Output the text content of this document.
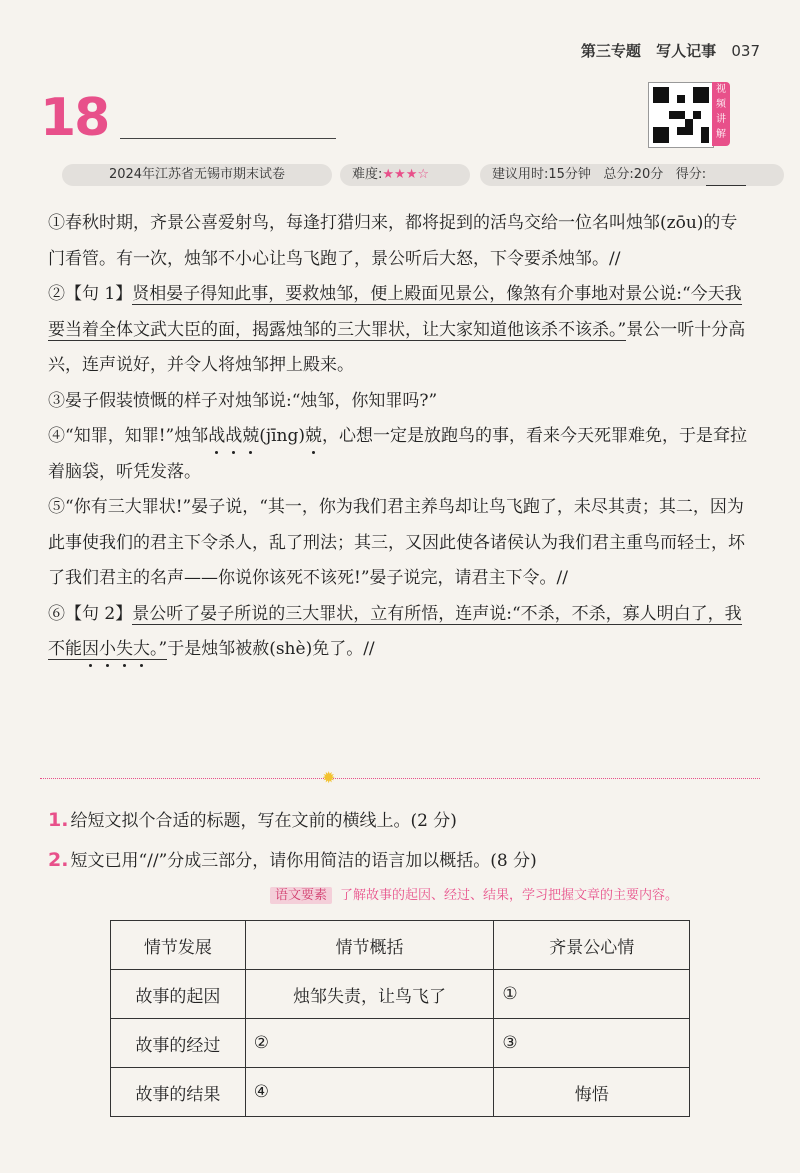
第三专题 写人记事 037
18	视频讲解
2024年江苏省无锡市期末试卷	难度:★★★☆	建议用时:15分钟 总分:20分 得分:

①春秋时期，齐景公喜爱射鸟，每逢打猎归来，都将捉到的活鸟交给一位名叫烛邹(zōu)的专门看管。有一次，烛邹不小心让鸟飞跑了，景公听后大怒，下令要杀烛邹。//

②【句 1】贤相晏子得知此事，要救烛邹，便上殿面见景公，像煞有介事地对景公说:“今天我要当着全体文武大臣的面，揭露烛邹的三大罪状，让大家知道他该杀不该杀。”景公一听十分高兴，连声说好，并令人将烛邹押上殿来。

③晏子假装愤慨的样子对烛邹说:“烛邹，你知罪吗?”

④“知罪，知罪!”烛邹战战兢(jīng)兢，心想一定是放跑鸟的事，看来今天死罪难免，于是耷拉着脑袋，听凭发落。

⑤“你有三大罪状!”晏子说，“其一，你为我们君主养鸟却让鸟飞跑了，未尽其责；其二，因为此事使我们的君主下令杀人，乱了刑法；其三，又因此使各诸侯认为我们君主重鸟而轻士，坏了我们君主的名声——你说你该死不该死!”晏子说完，请君主下令。//

⑥【句 2】景公听了晏子所说的三大罪状，立有所悟，连声说:“不杀，不杀，寡人明白了，我不能因小失大。”于是烛邹被赦(shè)免了。//

✹
1. 给短文拟个合适的标题，写在文前的横线上。(2 分)
2. 短文已用“//”分成三部分，请你用简洁的语言加以概括。(8 分)
语文要素 了解故事的起因、经过、结果，学习把握文章的主要内容。
情节发展	情节概括	齐景公心情
故事的起因	烛邹失责，让鸟飞了	①
故事的经过	②	③
故事的结果	④	悔悟
